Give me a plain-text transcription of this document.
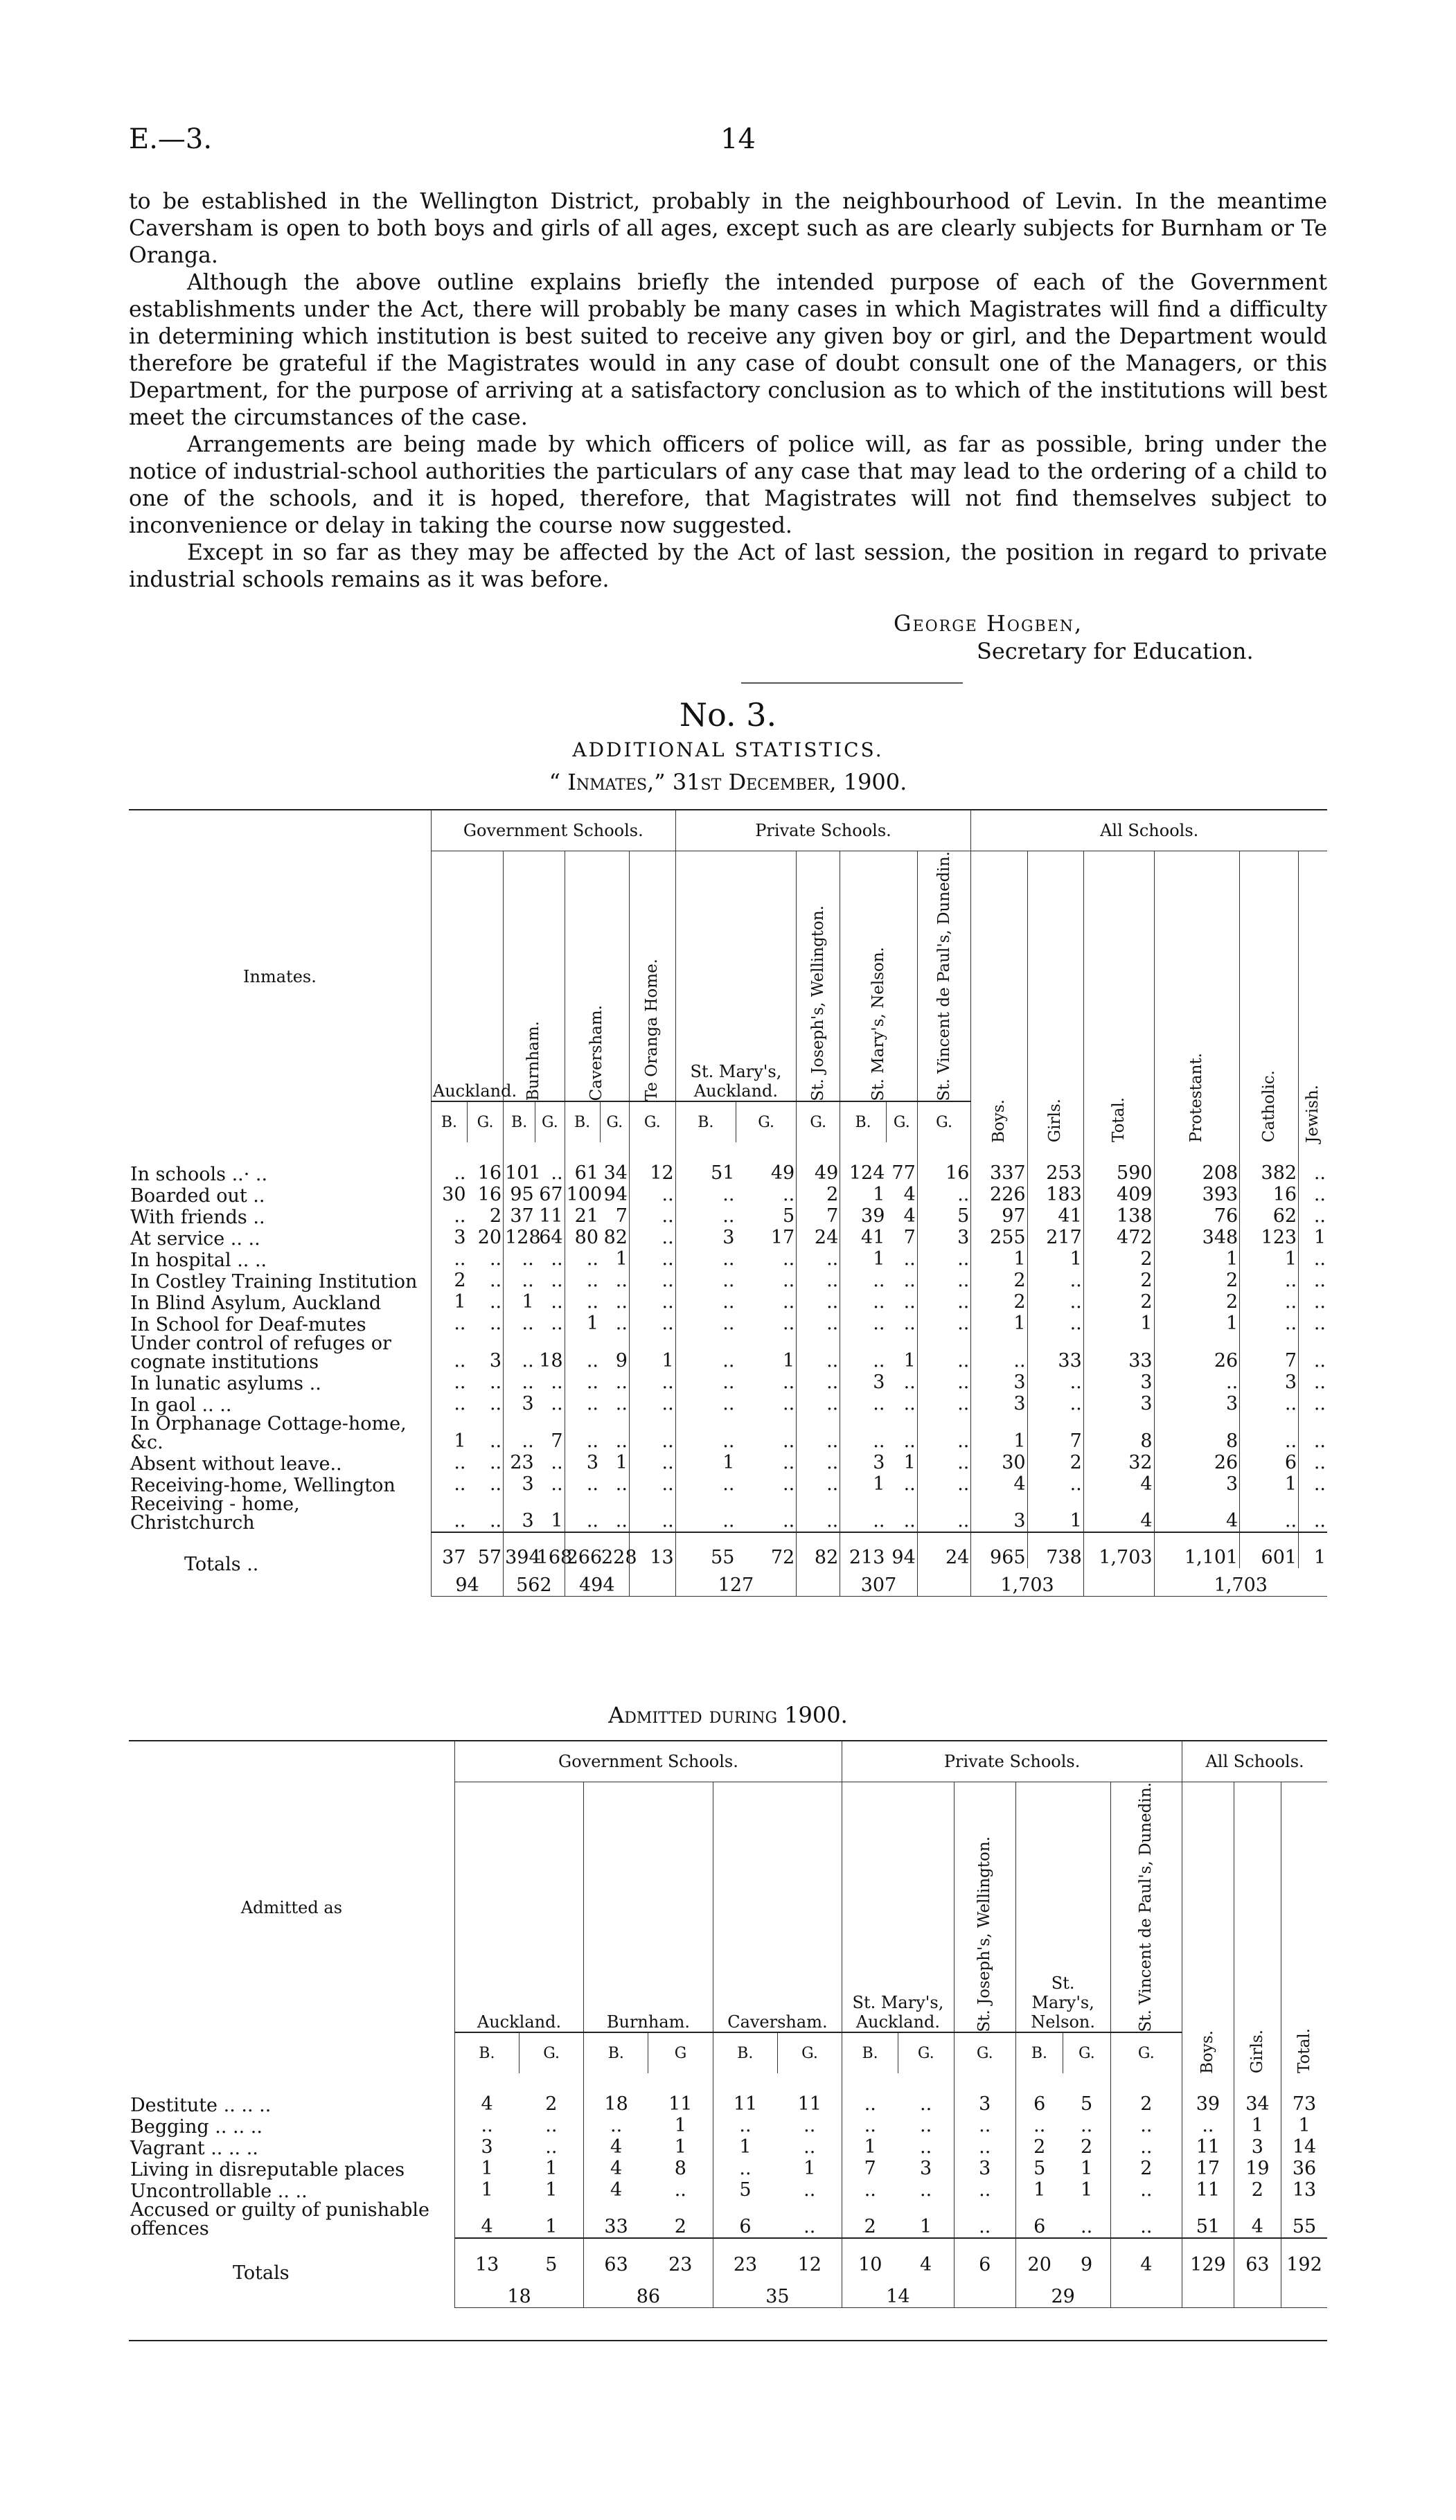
E.—3.	14

to be established in the Wellington District, probably in the neighbourhood of Levin. In the meantime Caversham is open to both boys and girls of all ages, except such as are clearly subjects for Burnham or Te Oranga.

Although the above outline explains briefly the intended purpose of each of the Government establishments under the Act, there will probably be many cases in which Magistrates will find a difficulty in determining which institution is best suited to receive any given boy or girl, and the Department would therefore be grateful if the Magistrates would in any case of doubt consult one of the Managers, or this Department, for the purpose of arriving at a satisfactory conclusion as to which of the institutions will best meet the circumstances of the case.

Arrangements are being made by which officers of police will, as far as possible, bring under the notice of industrial-school authorities the particulars of any case that may lead to the ordering of a child to one of the schools, and it is hoped, therefore, that Magistrates will not find themselves subject to inconvenience or delay in taking the course now suggested.

Except in so far as they may be affected by the Act of last session, the position in regard to private industrial schools remains as it was before.

George Hogben,
Secretary for Education.
No. 3.
ADDITIONAL STATISTICS.
“ Inmates,” 31st December, 1900.
Inmates.	Government Schools.							Private Schools.						All Schools.					
	Auckland.		Burnham.		Caversham.		Te Oranga Home.	St. Mary's, Auckland.		St. Joseph's, Wellington.	St. Mary's, Nelson.		St. Vincent de Paul's, Dunedin.	Boys.	Girls.	Total.	Protestant.	Catholic.	Jewish.

	B.	G.	B.	G.	B.	G.	G.	B.	G.	G.	B.	G.	G.						
In schools ..· ..	..	16	101	..	61	34	12	51	49	49	124	77	16	337	253	590	208	382	..
Boarded out ..	30	16	95	67	100	94	..	..	..	2	1	4	..	226	183	409	393	16	..
With friends ..	..	2	37	11	21	7	..	..	5	7	39	4	5	97	41	138	76	62	..
At service .. ..	3	20	128	64	80	82	..	3	17	24	41	7	3	255	217	472	348	123	1
In hospital .. ..	..	..	..	..	..	1	..	..	..	..	1	..	..	1	1	2	1	1	..
In Costley Training Institution	2	..	..	..	..	..	..	..	..	..	..	..	..	2	..	2	2	..	..
In Blind Asylum, Auckland	1	..	1	..	..	..	..	..	..	..	..	..	..	2	..	2	2	..	..
In School for Deaf-mutes	..	..	..	..	1	..	..	..	..	..	..	..	..	1	..	1	1	..	..
Under control of refuges or cognate institutions	..	3	..	18	..	9	1	..	1	..	..	1	..	..	33	33	26	7	..
In lunatic asylums ..	..	..	..	..	..	..	..	..	..	..	3	..	..	3	..	3	..	3	..
In gaol .. ..	..	..	3	..	..	..	..	..	..	..	..	..	..	3	..	3	3	..	..
In Orphanage Cottage-home, &c.	1	..	..	7	..	..	..	..	..	..	..	..	..	1	7	8	8	..	..
Absent without leave..	..	..	23	..	3	1	..	1	..	..	3	1	..	30	2	32	26	6	..
Receiving-home, Wellington	..	..	3	..	..	..	..	..	..	..	1	..	..	4	..	4	3	1	..
Receiving - home, Christchurch	..	..	3	1	..	..	..	..	..	..	..	..	..	3	1	4	4	..	..
Totals ..	37	57	394	168	266	228	13	55	72	82	213	94	24	965	738	1,703	1,101	601	1
	94		562		494			127			307			1,703			1,703		
Admitted during 1900.
Admitted as	Government Schools.						Private Schools.						All Schools.		
	Auckland.		Burnham.		Caversham.		St. Mary's, Auckland.		St. Joseph's, Wellington.	St. Mary's, Nelson.		St. Vincent de Paul's, Dunedin.	Boys.	Girls.	Total.

	B.	G.	B.	G	B.	G.	B.	G.	G.	B.	G.	G.			
Destitute .. .. ..	4	2	18	11	11	11	..	..	3	6	5	2	39	34	73
Begging .. .. ..	..	..	..	1	..	..	..	..	..	..	..	..	..	1	1
Vagrant .. .. ..	3	..	4	1	1	..	1	..	..	2	2	..	11	3	14
Living in disreputable places	1	1	4	8	..	1	7	3	3	5	1	2	17	19	36
Uncontrollable .. ..	1	1	4	..	5	..	..	..	..	1	1	..	11	2	13
Accused or guilty of punishable offences	4	1	33	2	6	..	2	1	..	6	..	..	51	4	55
Totals	13	5	63	23	23	12	10	4	6	20	9	4	129	63	192
	18		86		35		14			29					
